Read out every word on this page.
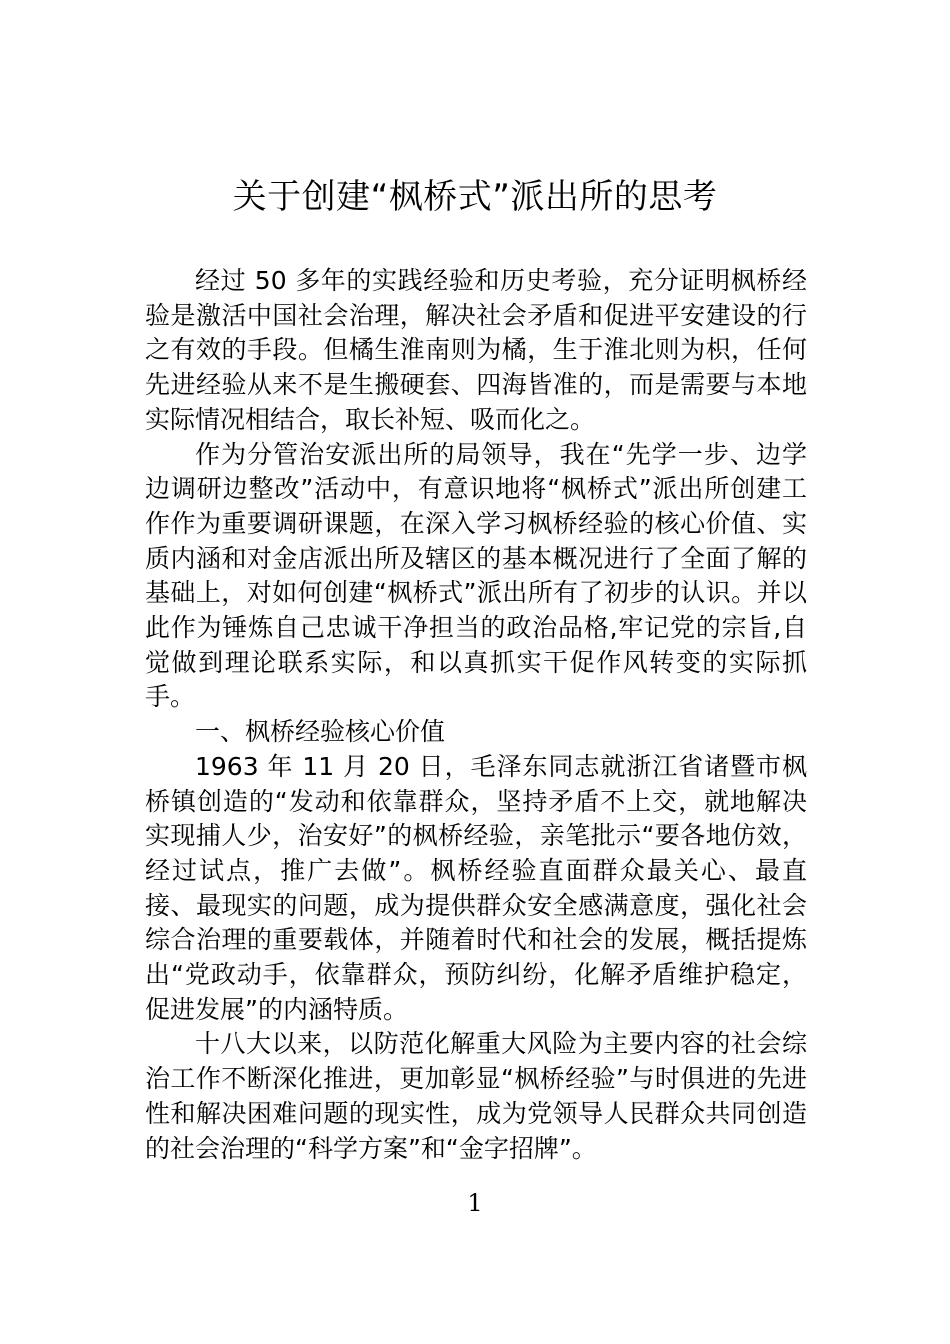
关于创建“枫桥式”派出所的思考

经过 50 多年的实践经验和历史考验，充分证明枫桥经验是激活中国社会治理，解决社会矛盾和促进平安建设的行之有效的手段。但橘生淮南则为橘，生于淮北则为枳，任何先进经验从来不是生搬硬套、四海皆准的，而是需要与本地实际情况相结合，取长补短、吸而化之。

作为分管治安派出所的局领导，我在“先学一步、边学边调研边整改”活动中，有意识地将“枫桥式”派出所创建工作作为重要调研课题，在深入学习枫桥经验的核心价值、实质内涵和对金店派出所及辖区的基本概况进行了全面了解的基础上，对如何创建“枫桥式”派出所有了初步的认识。并以此作为锤炼自己忠诚干净担当的政治品格,牢记党的宗旨,自觉做到理论联系实际，和以真抓实干促作风转变的实际抓手。

一、枫桥经验核心价值

1963 年 11 月 20 日，毛泽东同志就浙江省诸暨市枫桥镇创造的“发动和依靠群众，坚持矛盾不上交，就地解决实现捕人少，治安好”的枫桥经验，亲笔批示“要各地仿效，经过试点，推广去做”。枫桥经验直面群众最关心、最直接、最现实的问题，成为提供群众安全感满意度，强化社会综合治理的重要载体，并随着时代和社会的发展，概括提炼出“党政动手，依靠群众，预防纠纷，化解矛盾维护稳定，促进发展”的内涵特质。

十八大以来，以防范化解重大风险为主要内容的社会综治工作不断深化推进，更加彰显“枫桥经验”与时俱进的先进性和解决困难问题的现实性，成为党领导人民群众共同创造的社会治理的“科学方案”和“金字招牌”。

1
